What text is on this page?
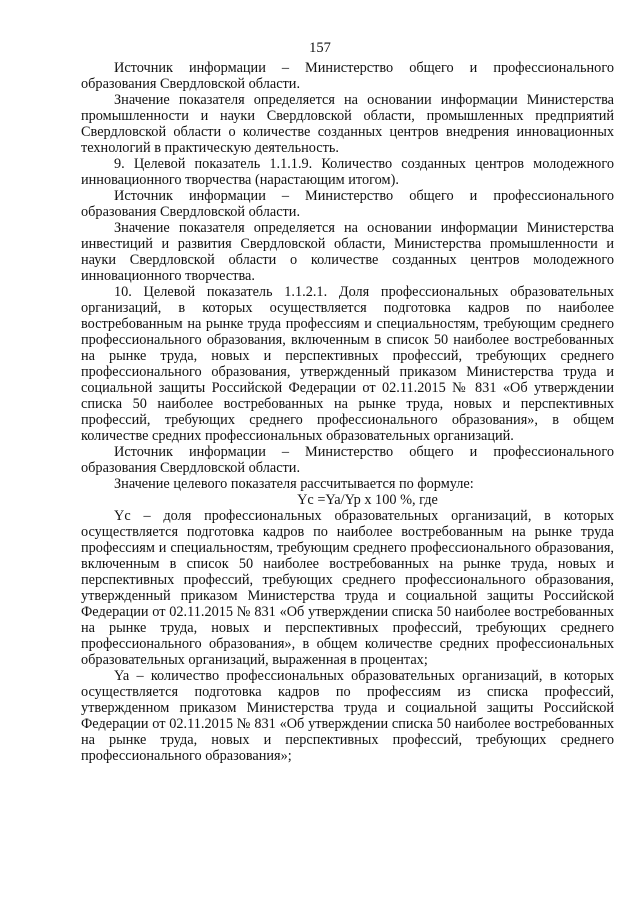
157

Источник информации – Министерство общего и профессионального образования Свердловской области.

Значение показателя определяется на основании информации Министерства промышленности и науки Свердловской области, промышленных предприятий Свердловской области о количестве созданных центров внедрения инновационных технологий в практическую деятельность.

9. Целевой показатель 1.1.1.9. Количество созданных центров молодежного инновационного творчества (нарастающим итогом).

Источник информации – Министерство общего и профессионального образования Свердловской области.

Значение показателя определяется на основании информации Министерства инвестиций и развития Свердловской области, Министерства промышленности и науки Свердловской области о количестве созданных центров молодежного инновационного творчества.

10. Целевой показатель 1.1.2.1. Доля профессиональных образовательных организаций, в которых осуществляется подготовка кадров по наиболее востребованным на рынке труда профессиям и специальностям, требующим среднего профессионального образования, включенным в список 50 наиболее востребованных на рынке труда, новых и перспективных профессий, требующих среднего профессионального образования, утвержденный приказом Министерства труда и социальной защиты Российской Федерации от 02.11.2015 № 831 «Об утверждении списка 50 наиболее востребованных на рынке труда, новых и перспективных профессий, требующих среднего профессионального образования», в общем количестве средних профессиональных образовательных организаций.

Источник информации – Министерство общего и профессионального образования Свердловской области.

Значение целевого показателя рассчитывается по формуле:

Yc =Ya/Yp x 100 %, где

Yc – доля профессиональных образовательных организаций, в которых осуществляется подготовка кадров по наиболее востребованным на рынке труда профессиям и специальностям, требующим среднего профессионального образования, включенным в список 50 наиболее востребованных на рынке труда, новых и перспективных профессий, требующих среднего профессионального образования, утвержденный приказом Министерства труда и социальной защиты Российской Федерации от 02.11.2015 № 831 «Об утверждении списка 50 наиболее востребованных на рынке труда, новых и перспективных профессий, требующих среднего профессионального образования», в общем количестве средних профессиональных образовательных организаций, выраженная в процентах;

Ya – количество профессиональных образовательных организаций, в которых осуществляется подготовка кадров по профессиям из списка профессий, утвержденном приказом Министерства труда и социальной защиты Российской Федерации от 02.11.2015 № 831 «Об утверждении списка 50 наиболее востребованных на рынке труда, новых и перспективных профессий, требующих среднего профессионального образования»;
